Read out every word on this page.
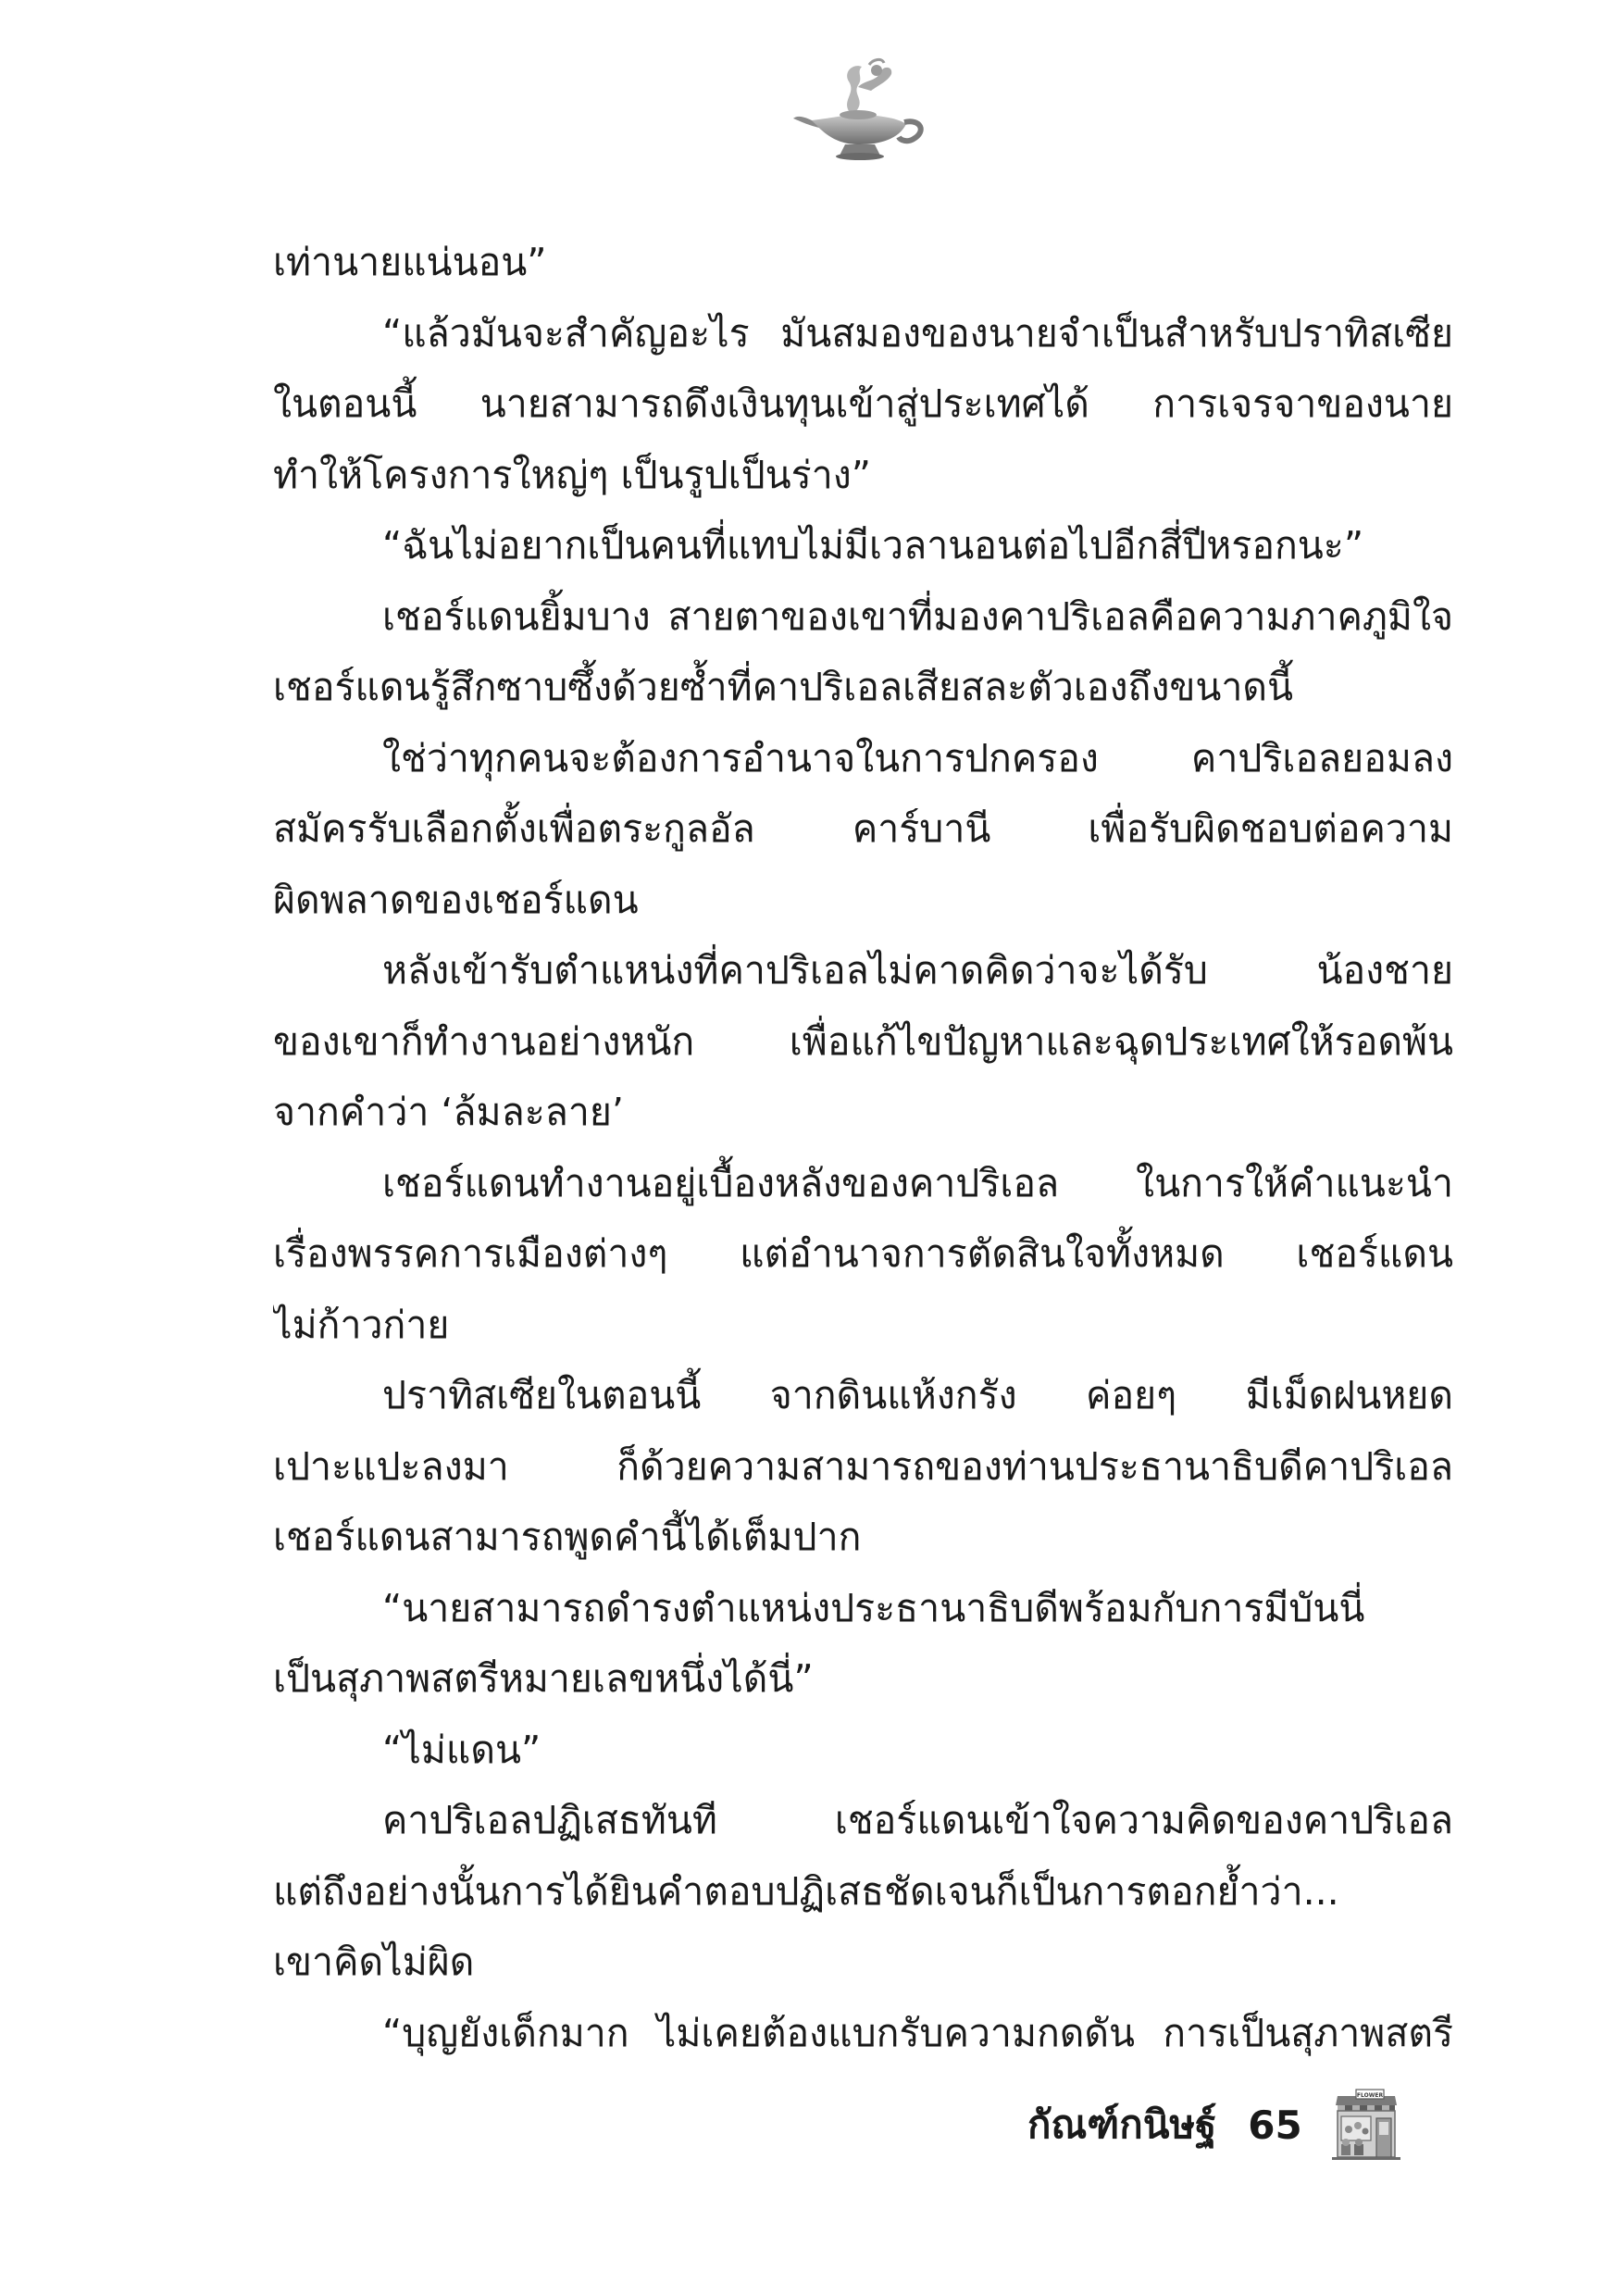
เท่านายแน่นอน”
“แล้วมันจะสำคัญอะไร มันสมองของนายจำเป็นสำหรับปราทิสเซีย
ในตอนนี้ นายสามารถดึงเงินทุนเข้าสู่ประเทศได้ การเจรจาของนาย
ทำให้โครงการใหญ่ๆ เป็นรูปเป็นร่าง”
“ฉันไม่อยากเป็นคนที่แทบไม่มีเวลานอนต่อไปอีกสี่ปีหรอกนะ”
เชอร์แดนยิ้มบาง สายตาของเขาที่มองคาปริเอลคือความภาคภูมิใจ
เชอร์แดนรู้สึกซาบซึ้งด้วยซ้ำที่คาปริเอลเสียสละตัวเองถึงขนาดนี้
ใช่ว่าทุกคนจะต้องการอำนาจในการปกครอง คาปริเอลยอมลง
สมัครรับเลือกตั้งเพื่อตระกูลอัล คาร์บานี เพื่อรับผิดชอบต่อความ
ผิดพลาดของเชอร์แดน
หลังเข้ารับตำแหน่งที่คาปริเอลไม่คาดคิดว่าจะได้รับ น้องชาย
ของเขาก็ทำงานอย่างหนัก เพื่อแก้ไขปัญหาและฉุดประเทศให้รอดพ้น
จากคำว่า ‘ล้มละลาย’
เชอร์แดนทำงานอยู่เบื้องหลังของคาปริเอล ในการให้คำแนะนำ
เรื่องพรรคการเมืองต่างๆ แต่อำนาจการตัดสินใจทั้งหมด เชอร์แดน
ไม่ก้าวก่าย
ปราทิสเซียในตอนนี้ จากดินแห้งกรัง ค่อยๆ มีเม็ดฝนหยด
เปาะแปะลงมา ก็ด้วยความสามารถของท่านประธานาธิบดีคาปริเอล
เชอร์แดนสามารถพูดคำนี้ได้เต็มปาก
“นายสามารถดำรงตำแหน่งประธานาธิบดีพร้อมกับการมีบันนี่
เป็นสุภาพสตรีหมายเลขหนึ่งได้นี่”
“ไม่แดน”
คาปริเอลปฏิเสธทันที เชอร์แดนเข้าใจความคิดของคาปริเอล
แต่ถึงอย่างนั้นการได้ยินคำตอบปฏิเสธชัดเจนก็เป็นการตอกย้ำว่า...
เขาคิดไม่ผิด
“บุญยังเด็กมาก ไม่เคยต้องแบกรับความกดดัน การเป็นสุภาพสตรี
กัณฑ์กนิษฐ์ 65
FLOWER
